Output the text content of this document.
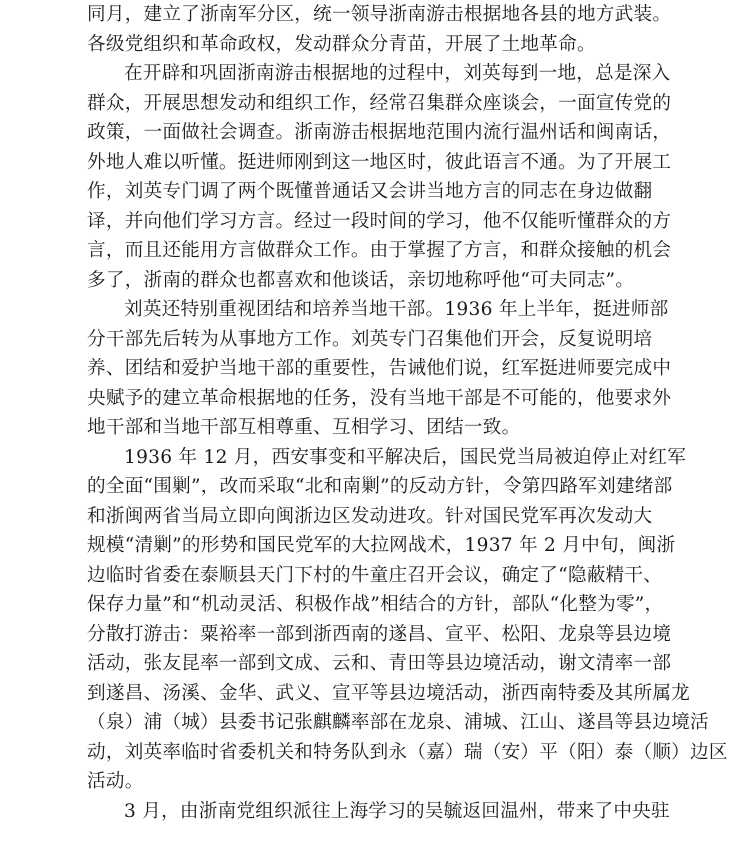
同月，建立了浙南军分区，统一领导浙南游击根据地各县的地方武装。
各级党组织和革命政权，发动群众分青苗，开展了土地革命。
在开辟和巩固浙南游击根据地的过程中，刘英每到一地，总是深入
群众，开展思想发动和组织工作，经常召集群众座谈会，一面宣传党的
政策，一面做社会调查。浙南游击根据地范围内流行温州话和闽南话，
外地人难以听懂。挺进师刚到这一地区时，彼此语言不通。为了开展工
作，刘英专门调了两个既懂普通话又会讲当地方言的同志在身边做翻
译，并向他们学习方言。经过一段时间的学习，他不仅能听懂群众的方
言，而且还能用方言做群众工作。由于掌握了方言，和群众接触的机会
多了，浙南的群众也都喜欢和他谈话，亲切地称呼他“可夫同志”。
刘英还特别重视团结和培养当地干部。1936 年上半年，挺进师部
分干部先后转为从事地方工作。刘英专门召集他们开会，反复说明培
养、团结和爱护当地干部的重要性，告诫他们说，红军挺进师要完成中
央赋予的建立革命根据地的任务，没有当地干部是不可能的，他要求外
地干部和当地干部互相尊重、互相学习、团结一致。
1936 年 12 月，西安事变和平解决后，国民党当局被迫停止对红军
的全面“围剿”，改而采取“北和南剿”的反动方针，令第四路军刘建绪部
和浙闽两省当局立即向闽浙边区发动进攻。针对国民党军再次发动大
规模“清剿”的形势和国民党军的大拉网战术，1937 年 2 月中旬，闽浙
边临时省委在泰顺县天门下村的牛童庄召开会议，确定了“隐蔽精干、
保存力量”和“机动灵活、积极作战”相结合的方针，部队“化整为零”，
分散打游击：粟裕率一部到浙西南的遂昌、宣平、松阳、龙泉等县边境
活动，张友昆率一部到文成、云和、青田等县边境活动，谢文清率一部
到遂昌、汤溪、金华、武义、宣平等县边境活动，浙西南特委及其所属龙
（泉）浦（城）县委书记张麒麟率部在龙泉、浦城、江山、遂昌等县边境活
动，刘英率临时省委机关和特务队到永（嘉）瑞（安）平（阳）泰（顺）边区
活动。
3 月，由浙南党组织派往上海学习的吴毓返回温州，带来了中央驻
